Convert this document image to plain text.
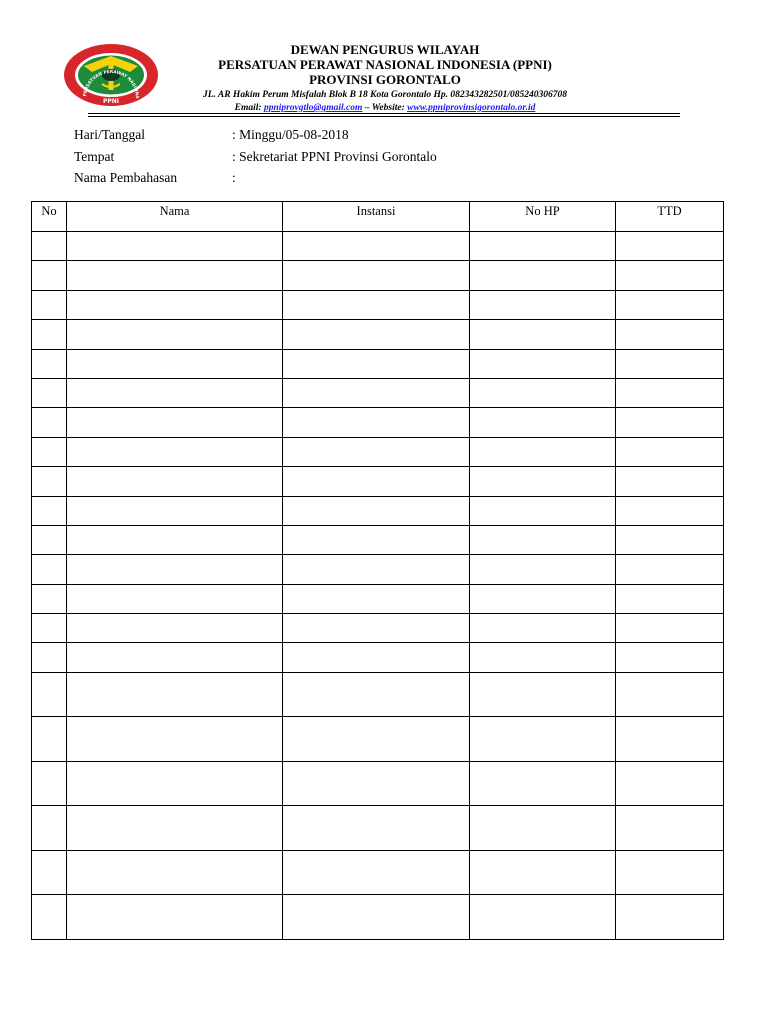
PERSATUAN PERAWAT NASIONA
PPNI
DEWAN PENGURUS WILAYAH
PERSATUAN PERAWAT NASIONAL INDONESIA (PPNI)
PROVINSI GORONTALO
JL. AR Hakim Perum Misfalah Blok B 18 Kota Gorontalo Hp. 082343282501/085240306708
Email: ppniprovgtlo@gmail.com – Website: www.ppniprovinsigorontalo.or.id
Hari/Tanggal	: Minggu/05-08-2018
Tempat	: Sekretariat PPNI Provinsi Gorontalo
Nama Pembahasan	:
No	Nama	Instansi	No HP	TTD
